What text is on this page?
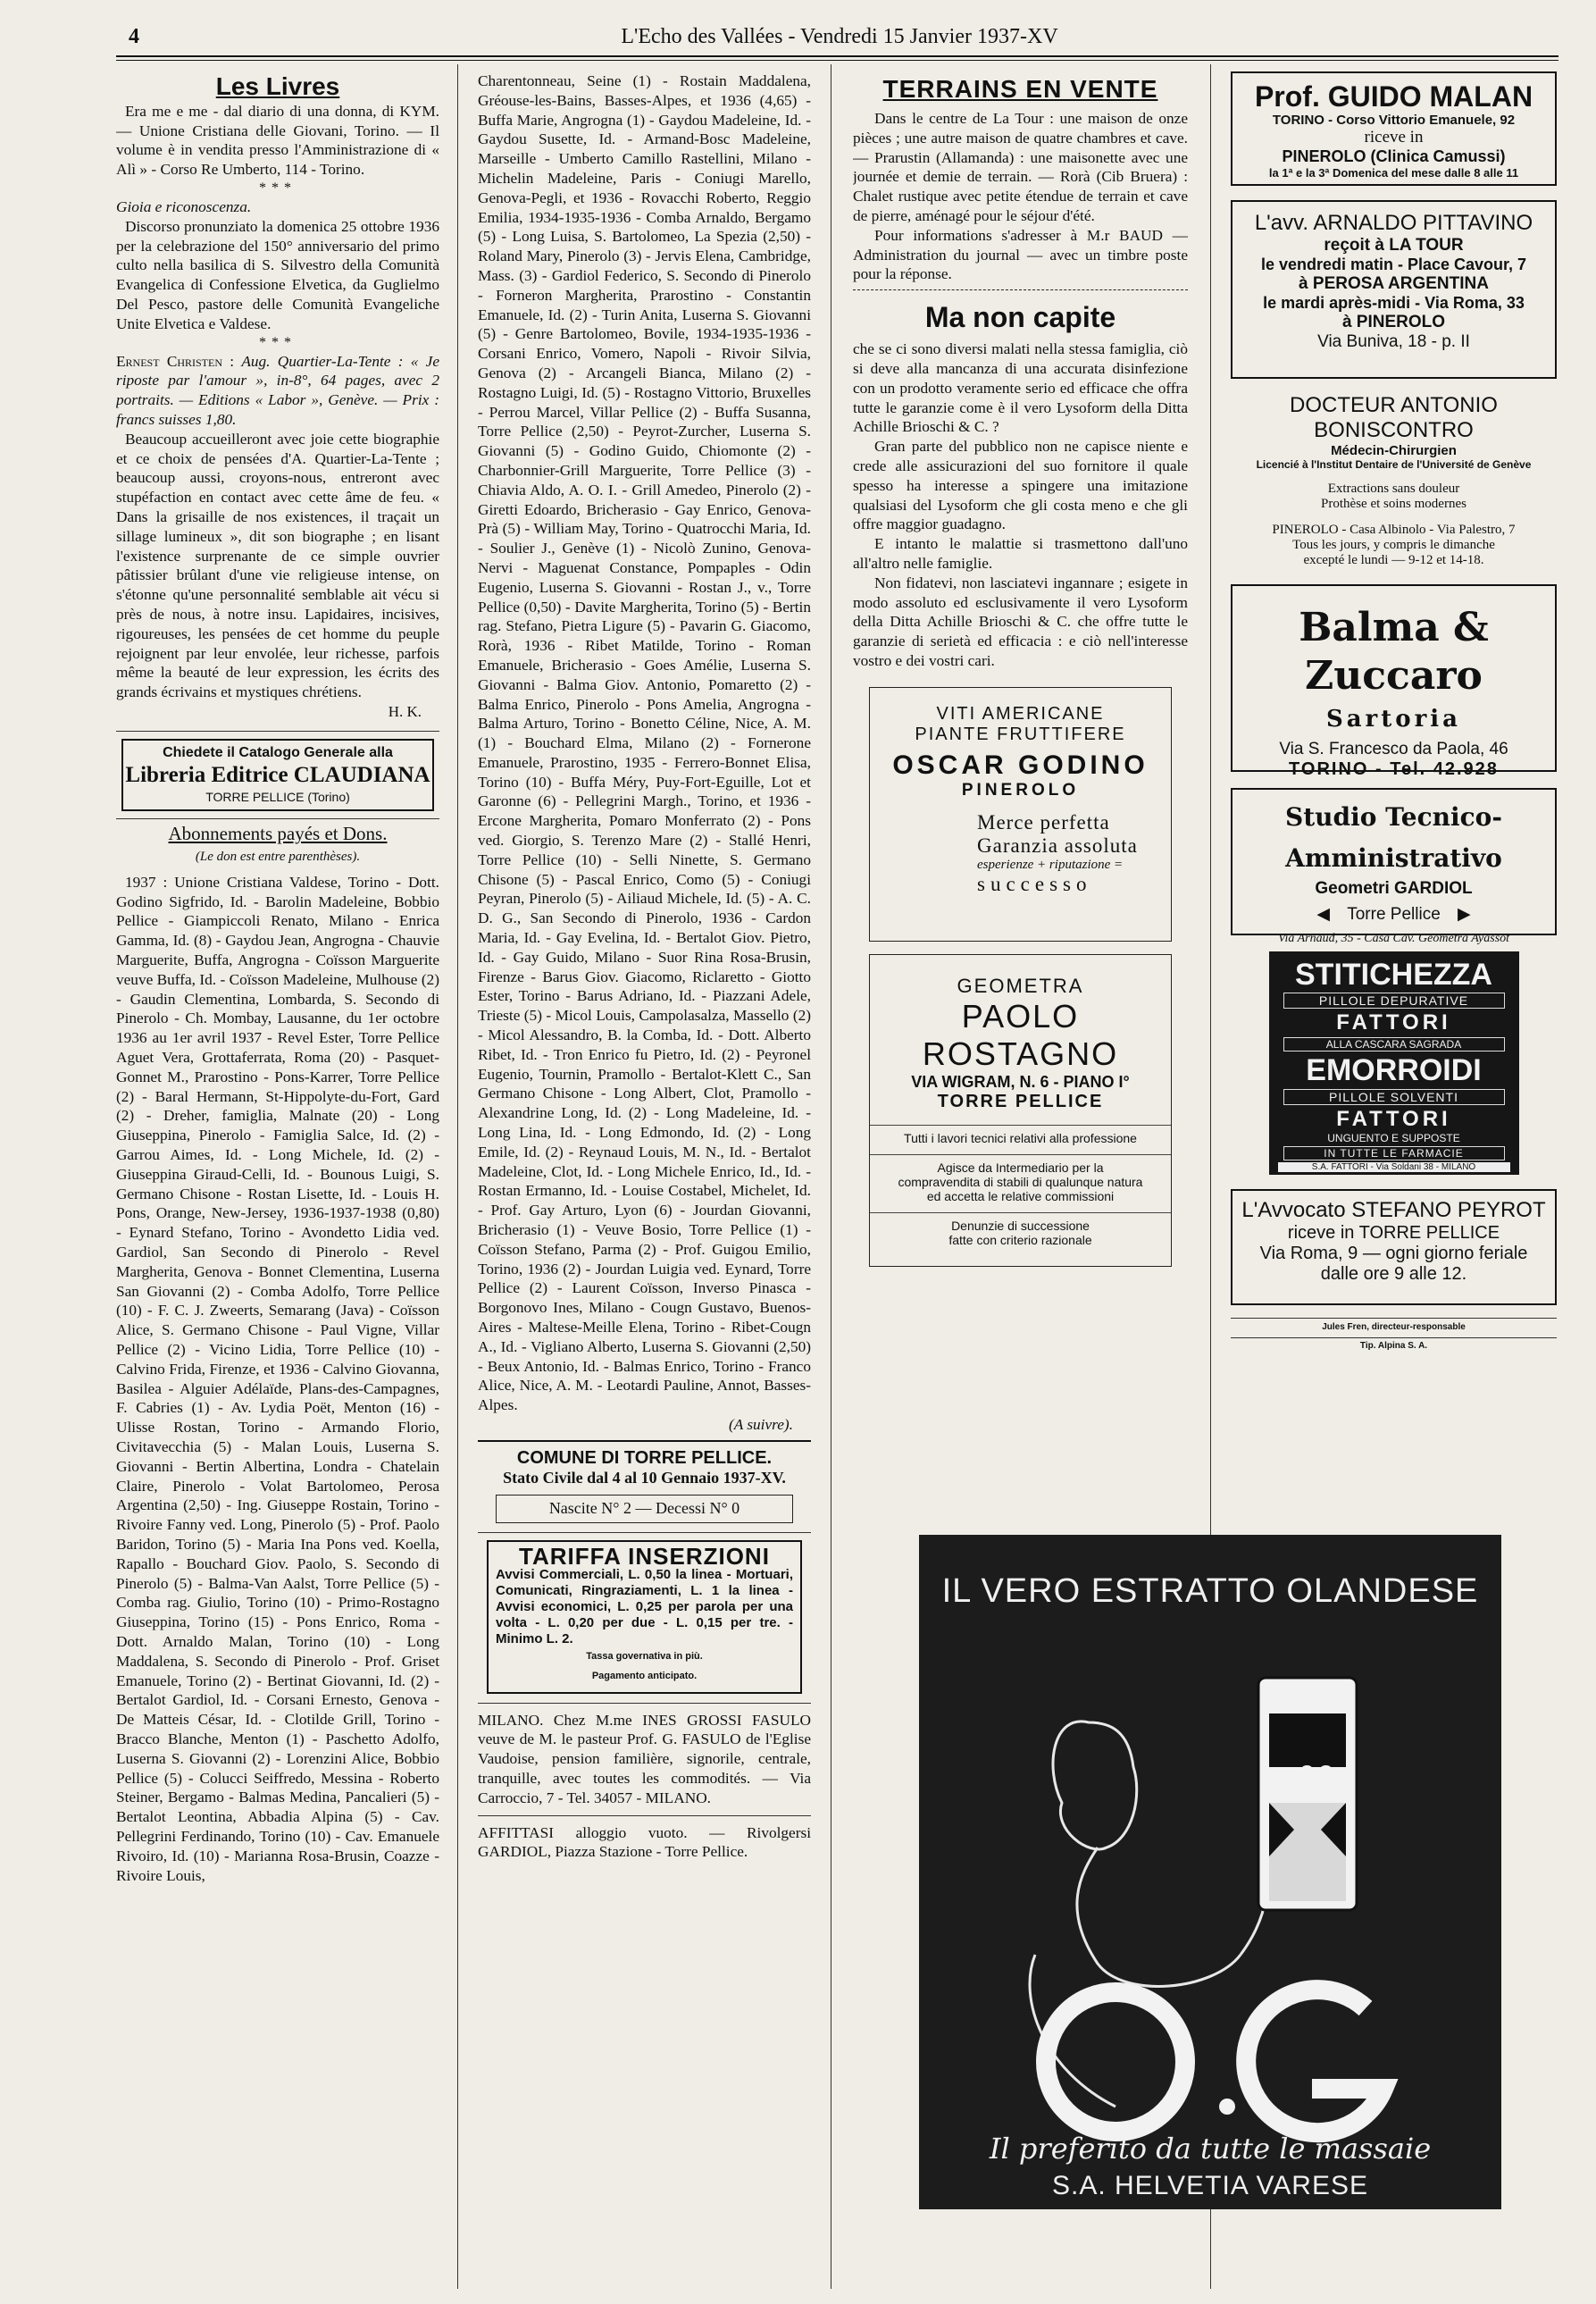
4	L'Echo des Vallées - Vendredi 15 Janvier 1937-XV
Les Livres

Era me e me - dal diario di una donna, di KYM. — Unione Cristiana delle Giovani, Torino. — Il volume è in vendita presso l'Amministrazione di « Alì » - Corso Re Umberto, 114 - Torino.

***

Gioia e riconoscenza.

Discorso pronunziato la domenica 25 ottobre 1936 per la celebrazione del 150° anniversario del primo culto nella basilica di S. Silvestro della Comunità Evangelica di Confessione Elvetica, da Guglielmo Del Pesco, pastore delle Comunità Evangeliche Unite Elvetica e Valdese.

***

Ernest Christen : Aug. Quartier-La-Tente : « Je riposte par l'amour », in-8°, 64 pages, avec 2 portraits. — Editions « Labor », Genève. — Prix : francs suisses 1,80.

Beaucoup accueilleront avec joie cette biographie et ce choix de pensées d'A. Quartier-La-Tente ; beaucoup aussi, croyons-nous, entreront avec stupéfaction en contact avec cette âme de feu. « Dans la grisaille de nos existences, il traçait un sillage lumineux », dit son biographe ; en lisant l'existence surprenante de ce simple ouvrier pâtissier brûlant d'une vie religieuse intense, on s'étonne qu'une personnalité semblable ait vécu si près de nous, à notre insu. Lapidaires, incisives, rigoureuses, les pensées de cet homme du peuple rejoignent par leur envolée, leur richesse, parfois même la beauté de leur expression, les écrits des grands écrivains et mystiques chrétiens.

H. K.
Chiedete il Catalogo Generale alla
Libreria Editrice CLAUDIANA
TORRE PELLICE (Torino)
Abonnements payés et Dons.
(Le don est entre parenthèses).

1937 : Unione Cristiana Valdese, Torino - Dott. Godino Sigfrido, Id. - Barolin Madeleine, Bobbio Pellice - Giampiccoli Renato, Milano - Enrica Gamma, Id. (8) - Gaydou Jean, Angrogna - Chauvie Marguerite, Buffa, Angrogna - Coïsson Marguerite veuve Buffa, Id. - Coïsson Madeleine, Mulhouse (2) - Gaudin Clementina, Lombarda, S. Secondo di Pinerolo - Ch. Mombay, Lausanne, du 1er octobre 1936 au 1er avril 1937 - Revel Ester, Torre Pellice Aguet Vera, Grottaferrata, Roma (20) - Pasquet-Gonnet M., Prarostino - Pons-Karrer, Torre Pellice (2) - Baral Hermann, St-Hippolyte-du-Fort, Gard (2) - Dreher, famiglia, Malnate (20) - Long Giuseppina, Pinerolo - Famiglia Salce, Id. (2) - Garrou Aimes, Id. - Long Michele, Id. (2) - Giuseppina Giraud-Celli, Id. - Bounous Luigi, S. Germano Chisone - Rostan Lisette, Id. - Louis H. Pons, Orange, New-Jersey, 1936-1937-1938 (0,80) - Eynard Stefano, Torino - Avondetto Lidia ved. Gardiol, San Secondo di Pinerolo - Revel Margherita, Genova - Bonnet Clementina, Luserna San Giovanni (2) - Comba Adolfo, Torre Pellice (10) - F. C. J. Zweerts, Semarang (Java) - Coïsson Alice, S. Germano Chisone - Paul Vigne, Villar Pellice (2) - Vicino Lidia, Torre Pellice (10) - Calvino Frida, Firenze, et 1936 - Calvino Giovanna, Basilea - Alguier Adélaïde, Plans-des-Campagnes, F. Cabries (1) - Av. Lydia Poët, Menton (16) - Ulisse Rostan, Torino - Armando Florio, Civitavecchia (5) - Malan Louis, Luserna S. Giovanni - Bertin Albertina, Londra - Chatelain Claire, Pinerolo - Volat Bartolomeo, Perosa Argentina (2,50) - Ing. Giuseppe Rostain, Torino - Rivoire Fanny ved. Long, Pinerolo (5) - Prof. Paolo Baridon, Torino (5) - Maria Ina Pons ved. Koella, Rapallo - Bouchard Giov. Paolo, S. Secondo di Pinerolo (5) - Balma-Van Aalst, Torre Pellice (5) - Comba rag. Giulio, Torino (10) - Primo-Rostagno Giuseppina, Torino (15) - Pons Enrico, Roma - Dott. Arnaldo Malan, Torino (10) - Long Maddalena, S. Secondo di Pinerolo - Prof. Griset Emanuele, Torino (2) - Bertinat Giovanni, Id. (2) - Bertalot Gardiol, Id. - Corsani Ernesto, Genova - De Matteis César, Id. - Clotilde Grill, Torino - Bracco Blanche, Menton (1) - Paschetto Adolfo, Luserna S. Giovanni (2) - Lorenzini Alice, Bobbio Pellice (5) - Colucci Seiffredo, Messina - Roberto Steiner, Bergamo - Balmas Medina, Pancalieri (5) - Bertalot Leontina, Abbadia Alpina (5) - Cav. Pellegrini Ferdinando, Torino (10) - Cav. Emanuele Rivoiro, Id. (10) - Marianna Rosa-Brusin, Coazze - Rivoire Louis,

Charentonneau, Seine (1) - Rostain Maddalena, Gréouse-les-Bains, Basses-Alpes, et 1936 (4,65) - Buffa Marie, Angrogna (1) - Gaydou Madeleine, Id. - Gaydou Susette, Id. - Armand-Bosc Madeleine, Marseille - Umberto Camillo Rastellini, Milano - Michelin Madeleine, Paris - Coniugi Marello, Genova-Pegli, et 1936 - Rovacchi Roberto, Reggio Emilia, 1934-1935-1936 - Comba Arnaldo, Bergamo (5) - Long Luisa, S. Bartolomeo, La Spezia (2,50) - Roland Mary, Pinerolo (3) - Jervis Elena, Cambridge, Mass. (3) - Gardiol Federico, S. Secondo di Pinerolo - Forneron Margherita, Prarostino - Constantin Emanuele, Id. (2) - Turin Anita, Luserna S. Giovanni (5) - Genre Bartolomeo, Bovile, 1934-1935-1936 - Corsani Enrico, Vomero, Napoli - Rivoir Silvia, Genova (2) - Arcangeli Bianca, Milano (2) - Rostagno Luigi, Id. (5) - Rostagno Vittorio, Bruxelles - Perrou Marcel, Villar Pellice (2) - Buffa Susanna, Torre Pellice (2,50) - Peyrot-Zurcher, Luserna S. Giovanni (5) - Godino Guido, Chiomonte (2) - Charbonnier-Grill Marguerite, Torre Pellice (3) - Chiavia Aldo, A. O. I. - Grill Amedeo, Pinerolo (2) - Giretti Edoardo, Bricherasio - Gay Enrico, Genova-Prà (5) - William May, Torino - Quatrocchi Maria, Id. - Soulier J., Genève (1) - Nicolò Zunino, Genova-Nervi - Maguenat Constance, Pompaples - Odin Eugenio, Luserna S. Giovanni - Rostan J., v., Torre Pellice (0,50) - Davite Margherita, Torino (5) - Bertin rag. Stefano, Pietra Ligure (5) - Pavarin G. Giacomo, Rorà, 1936 - Ribet Matilde, Torino - Roman Emanuele, Bricherasio - Goes Amélie, Luserna S. Giovanni - Balma Giov. Antonio, Pomaretto (2) - Balma Enrico, Pinerolo - Pons Amelia, Angrogna - Balma Arturo, Torino - Bonetto Céline, Nice, A. M. (1) - Bouchard Elma, Milano (2) - Fornerone Emanuele, Prarostino, 1935 - Ferrero-Bonnet Elisa, Torino (10) - Buffa Méry, Puy-Fort-Eguille, Lot et Garonne (6) - Pellegrini Margh., Torino, et 1936 - Ercone Margherita, Pomaro Monferrato (2) - Pons ved. Giorgio, S. Terenzo Mare (2) - Stallé Henri, Torre Pellice (10) - Selli Ninette, S. Germano Chisone (5) - Pascal Enrico, Como (5) - Coniugi Peyran, Pinerolo (5) - Ailiaud Michele, Id. (5) - A. C. D. G., San Secondo di Pinerolo, 1936 - Cardon Maria, Id. - Gay Evelina, Id. - Bertalot Giov. Pietro, Id. - Gay Guido, Milano - Suor Rina Rosa-Brusin, Firenze - Barus Giov. Giacomo, Riclaretto - Giotto Ester, Torino - Barus Adriano, Id. - Piazzani Adele, Trieste (5) - Micol Louis, Campolasalza, Massello (2) - Micol Alessandro, B. la Comba, Id. - Dott. Alberto Ribet, Id. - Tron Enrico fu Pietro, Id. (2) - Peyronel Eugenio, Tournin, Pramollo - Bertalot-Klett C., San Germano Chisone - Long Albert, Clot, Pramollo - Alexandrine Long, Id. (2) - Long Madeleine, Id. - Long Lina, Id. - Long Edmondo, Id. (2) - Long Emile, Id. (2) - Reynaud Louis, M. N., Id. - Bertalot Madeleine, Clot, Id. - Long Michele Enrico, Id., Id. - Rostan Ermanno, Id. - Louise Costabel, Michelet, Id. - Prof. Gay Arturo, Lyon (6) - Jourdan Giovanni, Bricherasio (1) - Veuve Bosio, Torre Pellice (1) - Coïsson Stefano, Parma (2) - Prof. Guigou Emilio, Torino, 1936 (2) - Jourdan Luigia ved. Eynard, Torre Pellice (2) - Laurent Coïsson, Inverso Pinasca - Borgonovo Ines, Milano - Cougn Gustavo, Buenos-Aires - Maltese-Meille Elena, Torino - Ribet-Cougn A., Id. - Vigliano Alberto, Luserna S. Giovanni (2,50) - Beux Antonio, Id. - Balmas Enrico, Torino - Franco Alice, Nice, A. M. - Leotardi Pauline, Annot, Basses-Alpes.

(A suivre).
COMUNE DI TORRE PELLICE.
Stato Civile dal 4 al 10 Gennaio 1937-XV.
Nascite N° 2 — Decessi N° 0
TARIFFA INSERZIONI
Avvisi Commerciali, L. 0,50 la linea - Mortuari, Comunicati, Ringraziamenti, L. 1 la linea - Avvisi economici, L. 0,25 per parola per una volta - L. 0,20 per due - L. 0,15 per tre. - Minimo L. 2.
Tassa governativa in più.
Pagamento anticipato.

MILANO. Chez M.me INES GROSSI FASULO veuve de M. le pasteur Prof. G. FASULO de l'Eglise Vaudoise, pension familière, signorile, centrale, tranquille, avec toutes les commodités. — Via Carroccio, 7 - Tel. 34057 - MILANO.

AFFITTASI alloggio vuoto. — Rivolgersi GARDIOL, Piazza Stazione - Torre Pellice.

TERRAINS EN VENTE

Dans le centre de La Tour : une maison de onze pièces ; une autre maison de quatre chambres et cave. — Prarustin (Allamanda) : une maisonette avec une journée et demie de terrain. — Rorà (Cib Bruera) : Chalet rustique avec petite étendue de terrain et cave de pierre, aménagé pour le séjour d'été.

Pour informations s'adresser à M.r BAUD — Administration du journal — avec un timbre poste pour la réponse.

Ma non capite

che se ci sono diversi malati nella stessa famiglia, ciò si deve alla mancanza di una accurata disinfezione con un prodotto veramente serio ed efficace che offra tutte le garanzie come è il vero Lysoform della Ditta Achille Brioschi & C. ?

Gran parte del pubblico non ne capisce niente e crede alle assicurazioni del suo fornitore il quale spesso ha interesse a spingere una imitazione qualsiasi del Lysoform che gli costa meno e che gli offre maggior guadagno.

E intanto le malattie si trasmettono dall'uno all'altro nelle famiglie.

Non fidatevi, non lasciatevi ingannare ; esigete in modo assoluto ed esclusivamente il vero Lysoform della Ditta Achille Brioschi & C. che offre tutte le garanzie di serietà ed efficacia : e ciò nell'interesse vostro e dei vostri cari.

VITI AMERICANE
PIANTE FRUTTIFERE
OSCAR GODINO
PINEROLO
Merce perfetta
Garanzia assoluta
esperienze + riputazione =
successo
GEOMETRA
PAOLO ROSTAGNO
VIA WIGRAM, N. 6 - PIANO I°
TORRE PELLICE
Tutti i lavori tecnici relativi alla professione
Agisce da Intermediario per la compravendita di stabili di qualunque natura ed accetta le relative commissioni
Denunzie di successione
fatte con criterio razionale
Prof. GUIDO MALAN
TORINO - Corso Vittorio Emanuele, 92
riceve in
PINEROLO (Clinica Camussi)
la 1ª e la 3ª Domenica del mese dalle 8 alle 11
L'avv. ARNALDO PITTAVINO
reçoit à LA TOUR
le vendredi matin - Place Cavour, 7
à PEROSA ARGENTINA
le mardi après-midi - Via Roma, 33
à PINEROLO
Via Buniva, 18 - p. II
DOCTEUR ANTONIO BONISCONTRO
Médecin-Chirurgien
Licencié à l'Institut Dentaire de l'Université de Genève
Extractions sans douleur
Prothèse et soins modernes
PINEROLO - Casa Albinolo - Via Palestro, 7
Tous les jours, y compris le dimanche
excepté le lundi — 9-12 et 14-18.
Balma & Zuccaro
Sartoria
Via S. Francesco da Paola, 46
TORINO - Tel. 42.928
Studio Tecnico-Amministrativo
Geometri GARDIOL
◀ Torre Pellice ▶
Via Arnaud, 35 - Casa Cav. Geometra Ayassot
STITICHEZZA
PILLOLE DEPURATIVE
FATTORI
ALLA CASCARA SAGRADA
EMORROIDI
PILLOLE SOLVENTI
FATTORI
UNGUENTO E SUPPOSTE
IN TUTTE LE FARMACIE
S.A. FATTORI - Via Soldani 38 - MILANO
L'Avvocato STEFANO PEYROT
riceve in TORRE PELLICE
Via Roma, 9 — ogni giorno feriale
dalle ore 9 alle 12.
Jules Fren, directeur-responsable
Tip. Alpina S. A.
IL VERO ESTRATTO OLANDESE
O.G
Il preferito da tutte le massaie
S.A. HELVETIA VARESE
